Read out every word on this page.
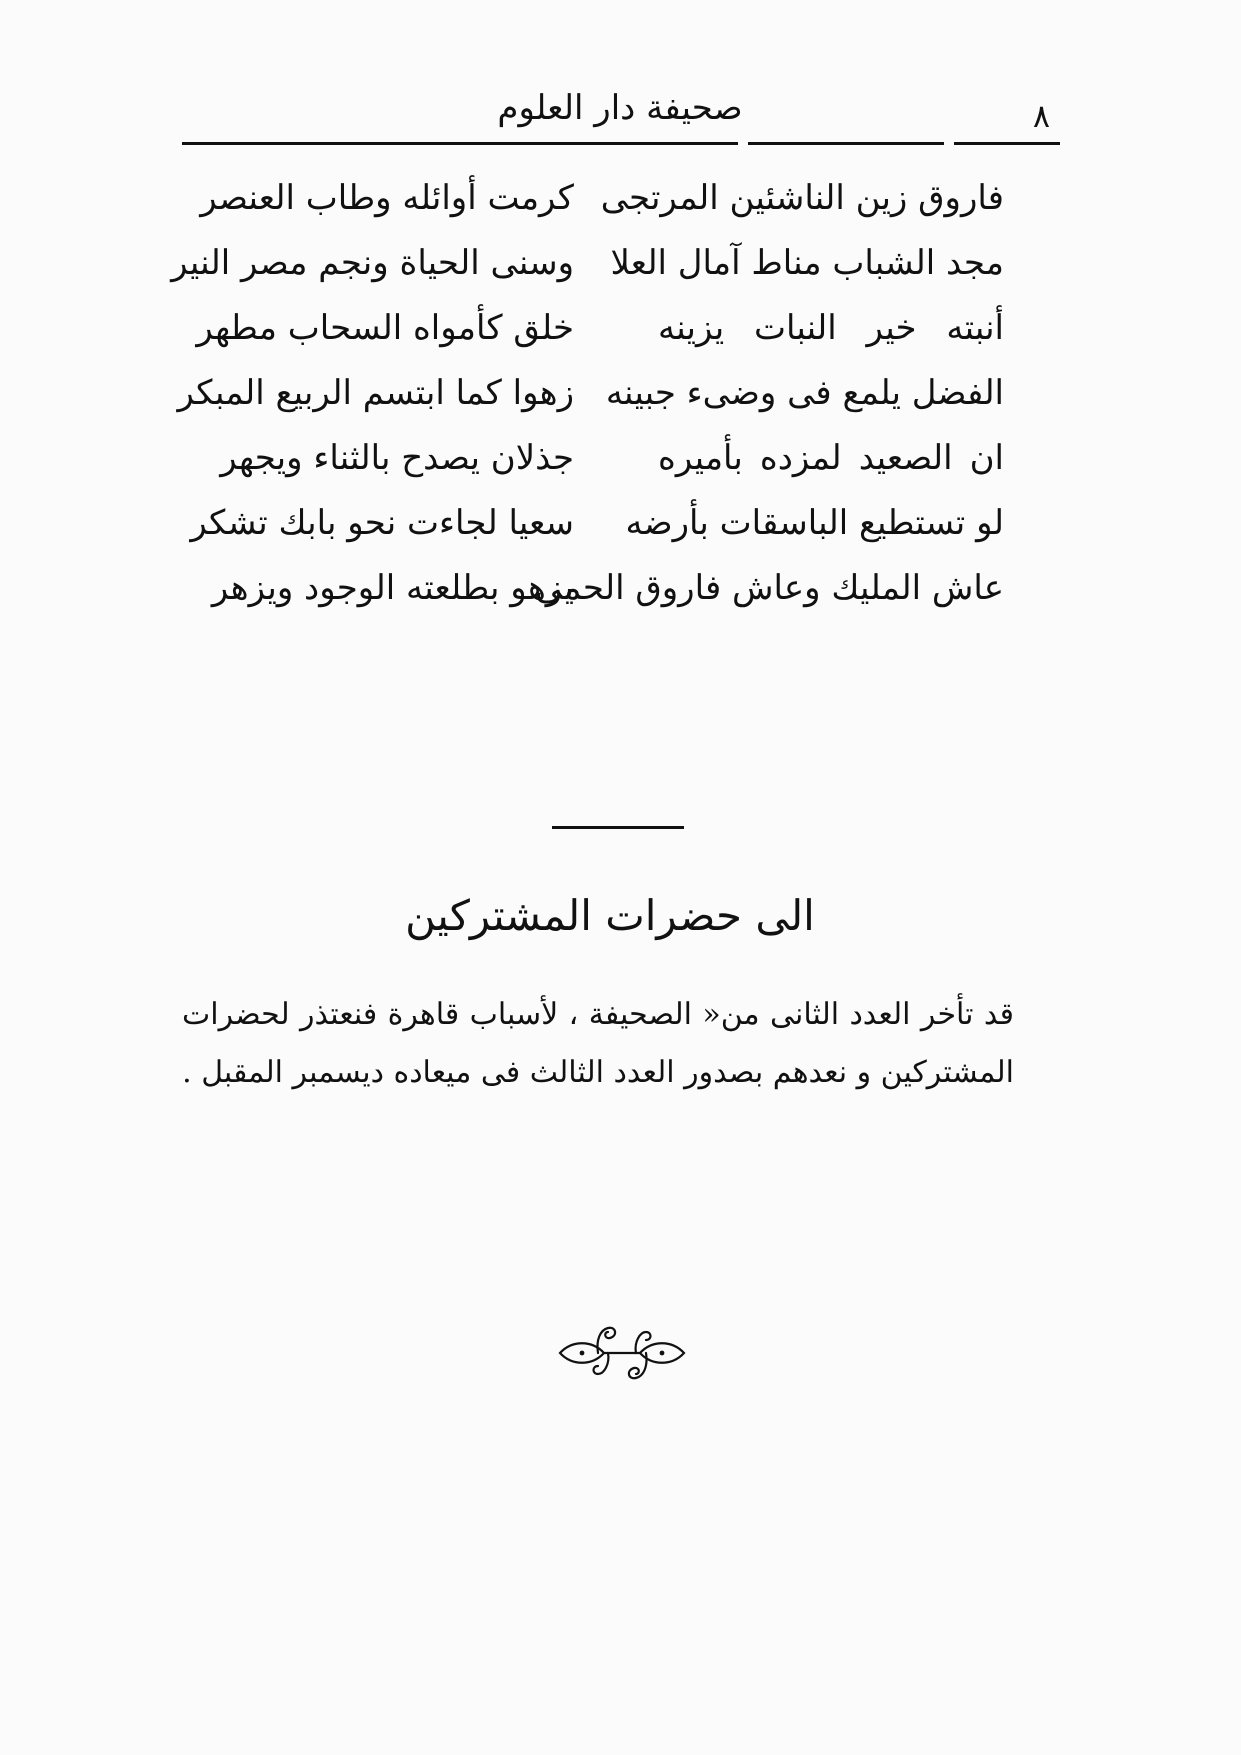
٨
صحيفة دار العلوم
فاروق زين الناشئين المرتجى
كرمت أوائله وطاب العنصر
مجد الشباب مناط آمال العلا
وسنى الحياة ونجم مصر النير
أنبته خير النبات يزينه
خلق كأمواه السحاب مطهر
الفضل يلمع فى وضىء جبينه
زهوا كما ابتسم الربيع المبكر
ان الصعيد لمزده بأميره
جذلان يصدح بالثناء ويجهر
لو تستطيع الباسقات بأرضه
سعيا لجاءت نحو بابك تشكر
عاش المليك وعاش فاروق الحمى
يزهو بطلعته الوجود ويزهر
الى حضرات المشتركين
قد تأخر العدد الثانى من« الصحيفة ، لأسباب قاهرة فنعتذر لحضرات
المشتركين و نعدهم بصدور العدد الثالث فى ميعاده ديسمبر المقبل .
